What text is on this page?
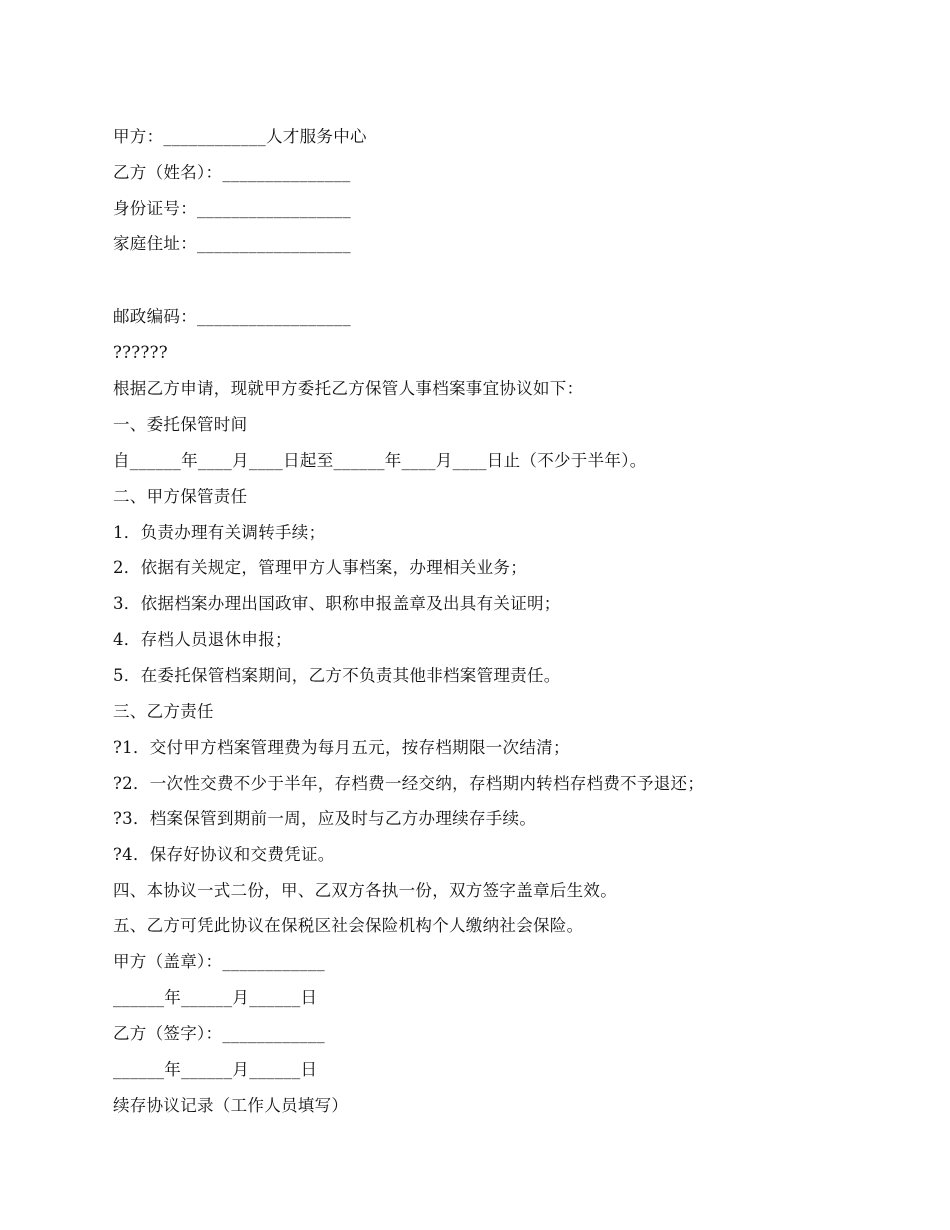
甲方：____________人才服务中心
乙方（姓名）：_______________
身份证号：__________________
家庭住址：__________________
邮政编码：__________________
??????
根据乙方申请，现就甲方委托乙方保管人事档案事宜协议如下：
一、委托保管时间
自______年____月____日起至______年____月____日止（不少于半年）。
二、甲方保管责任
1．负责办理有关调转手续；
2．依据有关规定，管理甲方人事档案，办理相关业务；
3．依据档案办理出国政审、职称申报盖章及出具有关证明；
4．存档人员退休申报；
5．在委托保管档案期间，乙方不负责其他非档案管理责任。
三、乙方责任
?1．交付甲方档案管理费为每月五元，按存档期限一次结清；
?2．一次性交费不少于半年，存档费一经交纳，存档期内转档存档费不予退还；
?3．档案保管到期前一周，应及时与乙方办理续存手续。
?4．保存好协议和交费凭证。
四、本协议一式二份，甲、乙双方各执一份，双方签字盖章后生效。
五、乙方可凭此协议在保税区社会保险机构个人缴纳社会保险。
甲方（盖章）：____________
______年______月______日
乙方（签字）：____________
______年______月______日
续存协议记录（工作人员填写）
